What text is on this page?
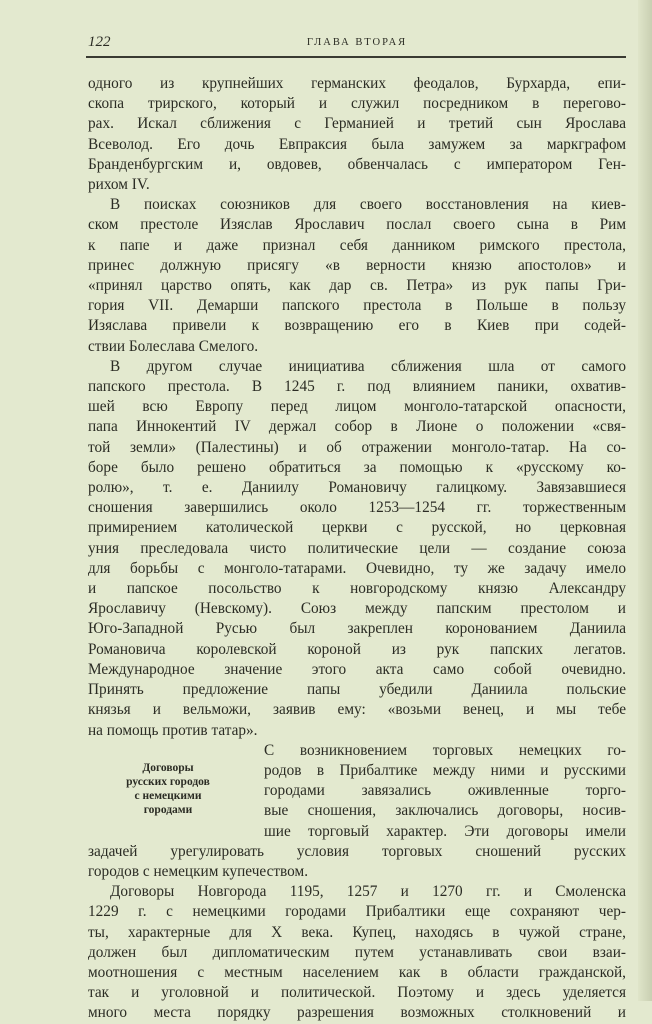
122	ГЛАВА ВТОРАЯ
одного из крупнейших германских феодалов, Бурхарда, епи-
скопа трирского, который и служил посредником в перегово-
рах. Искал сближения с Германией и третий сын Ярослава
Всеволод. Его дочь Евпраксия была замужем за маркграфом
Бранденбургским и, овдовев, обвенчалась с императором Ген-
рихом IV.
В поисках союзников для своего восстановления на киев-
ском престоле Изяслав Ярославич послал своего сына в Рим
к папе и даже признал себя данником римского престола,
принес должную присягу «в верности князю апостолов» и
«принял царство опять, как дар св. Петра» из рук папы Гри-
гория VII. Демарши папского престола в Польше в пользу
Изяслава привели к возвращению его в Киев при содей-
ствии Болеслава Смелого.
В другом случае инициатива сближения шла от самого
папского престола. В 1245 г. под влиянием паники, охватив-
шей всю Европу перед лицом монголо-татарской опасности,
папа Иннокентий IV держал собор в Лионе о положении «свя-
той земли» (Палестины) и об отражении монголо-татар. На со-
боре было решено обратиться за помощью к «русскому ко-
ролю», т. е. Даниилу Романовичу галицкому. Завязавшиеся
сношения завершились около 1253—1254 гг. торжественным
примирением католической церкви с русской, но церковная
уния преследовала чисто политические цели — создание союза
для борьбы с монголо-татарами. Очевидно, ту же задачу имело
и папское посольство к новгородскому князю Александру
Ярославичу (Невскому). Союз между папским престолом и
Юго-Западной Русью был закреплен коронованием Даниила
Романовича королевской короной из рук папских легатов.
Международное значение этого акта само собой очевидно.
Принять предложение папы убедили Даниила польские
князья и вельможи, заявив ему: «возьми венец, и мы тебе
на помощь против татар».
Договоры
русских городов
с немецкими
городами
С возникновением торговых немецких го-
родов в Прибалтике между ними и русскими
городами завязались оживленные торго-
вые сношения, заключались договоры, носив-
шие торговый характер. Эти договоры имели
задачей урегулировать условия торговых сношений русских
городов с немецким купечеством.
Договоры Новгорода 1195, 1257 и 1270 гг. и Смоленска
1229 г. с немецкими городами Прибалтики еще сохраняют чер-
ты, характерные для X века. Купец, находясь в чужой стране,
должен был дипломатическим путем устанавливать свои взаи-
моотношения с местным населением как в области гражданской,
так и уголовной и политической. Поэтому и здесь уделяется
много места порядку разрешения возможных столкновений и
